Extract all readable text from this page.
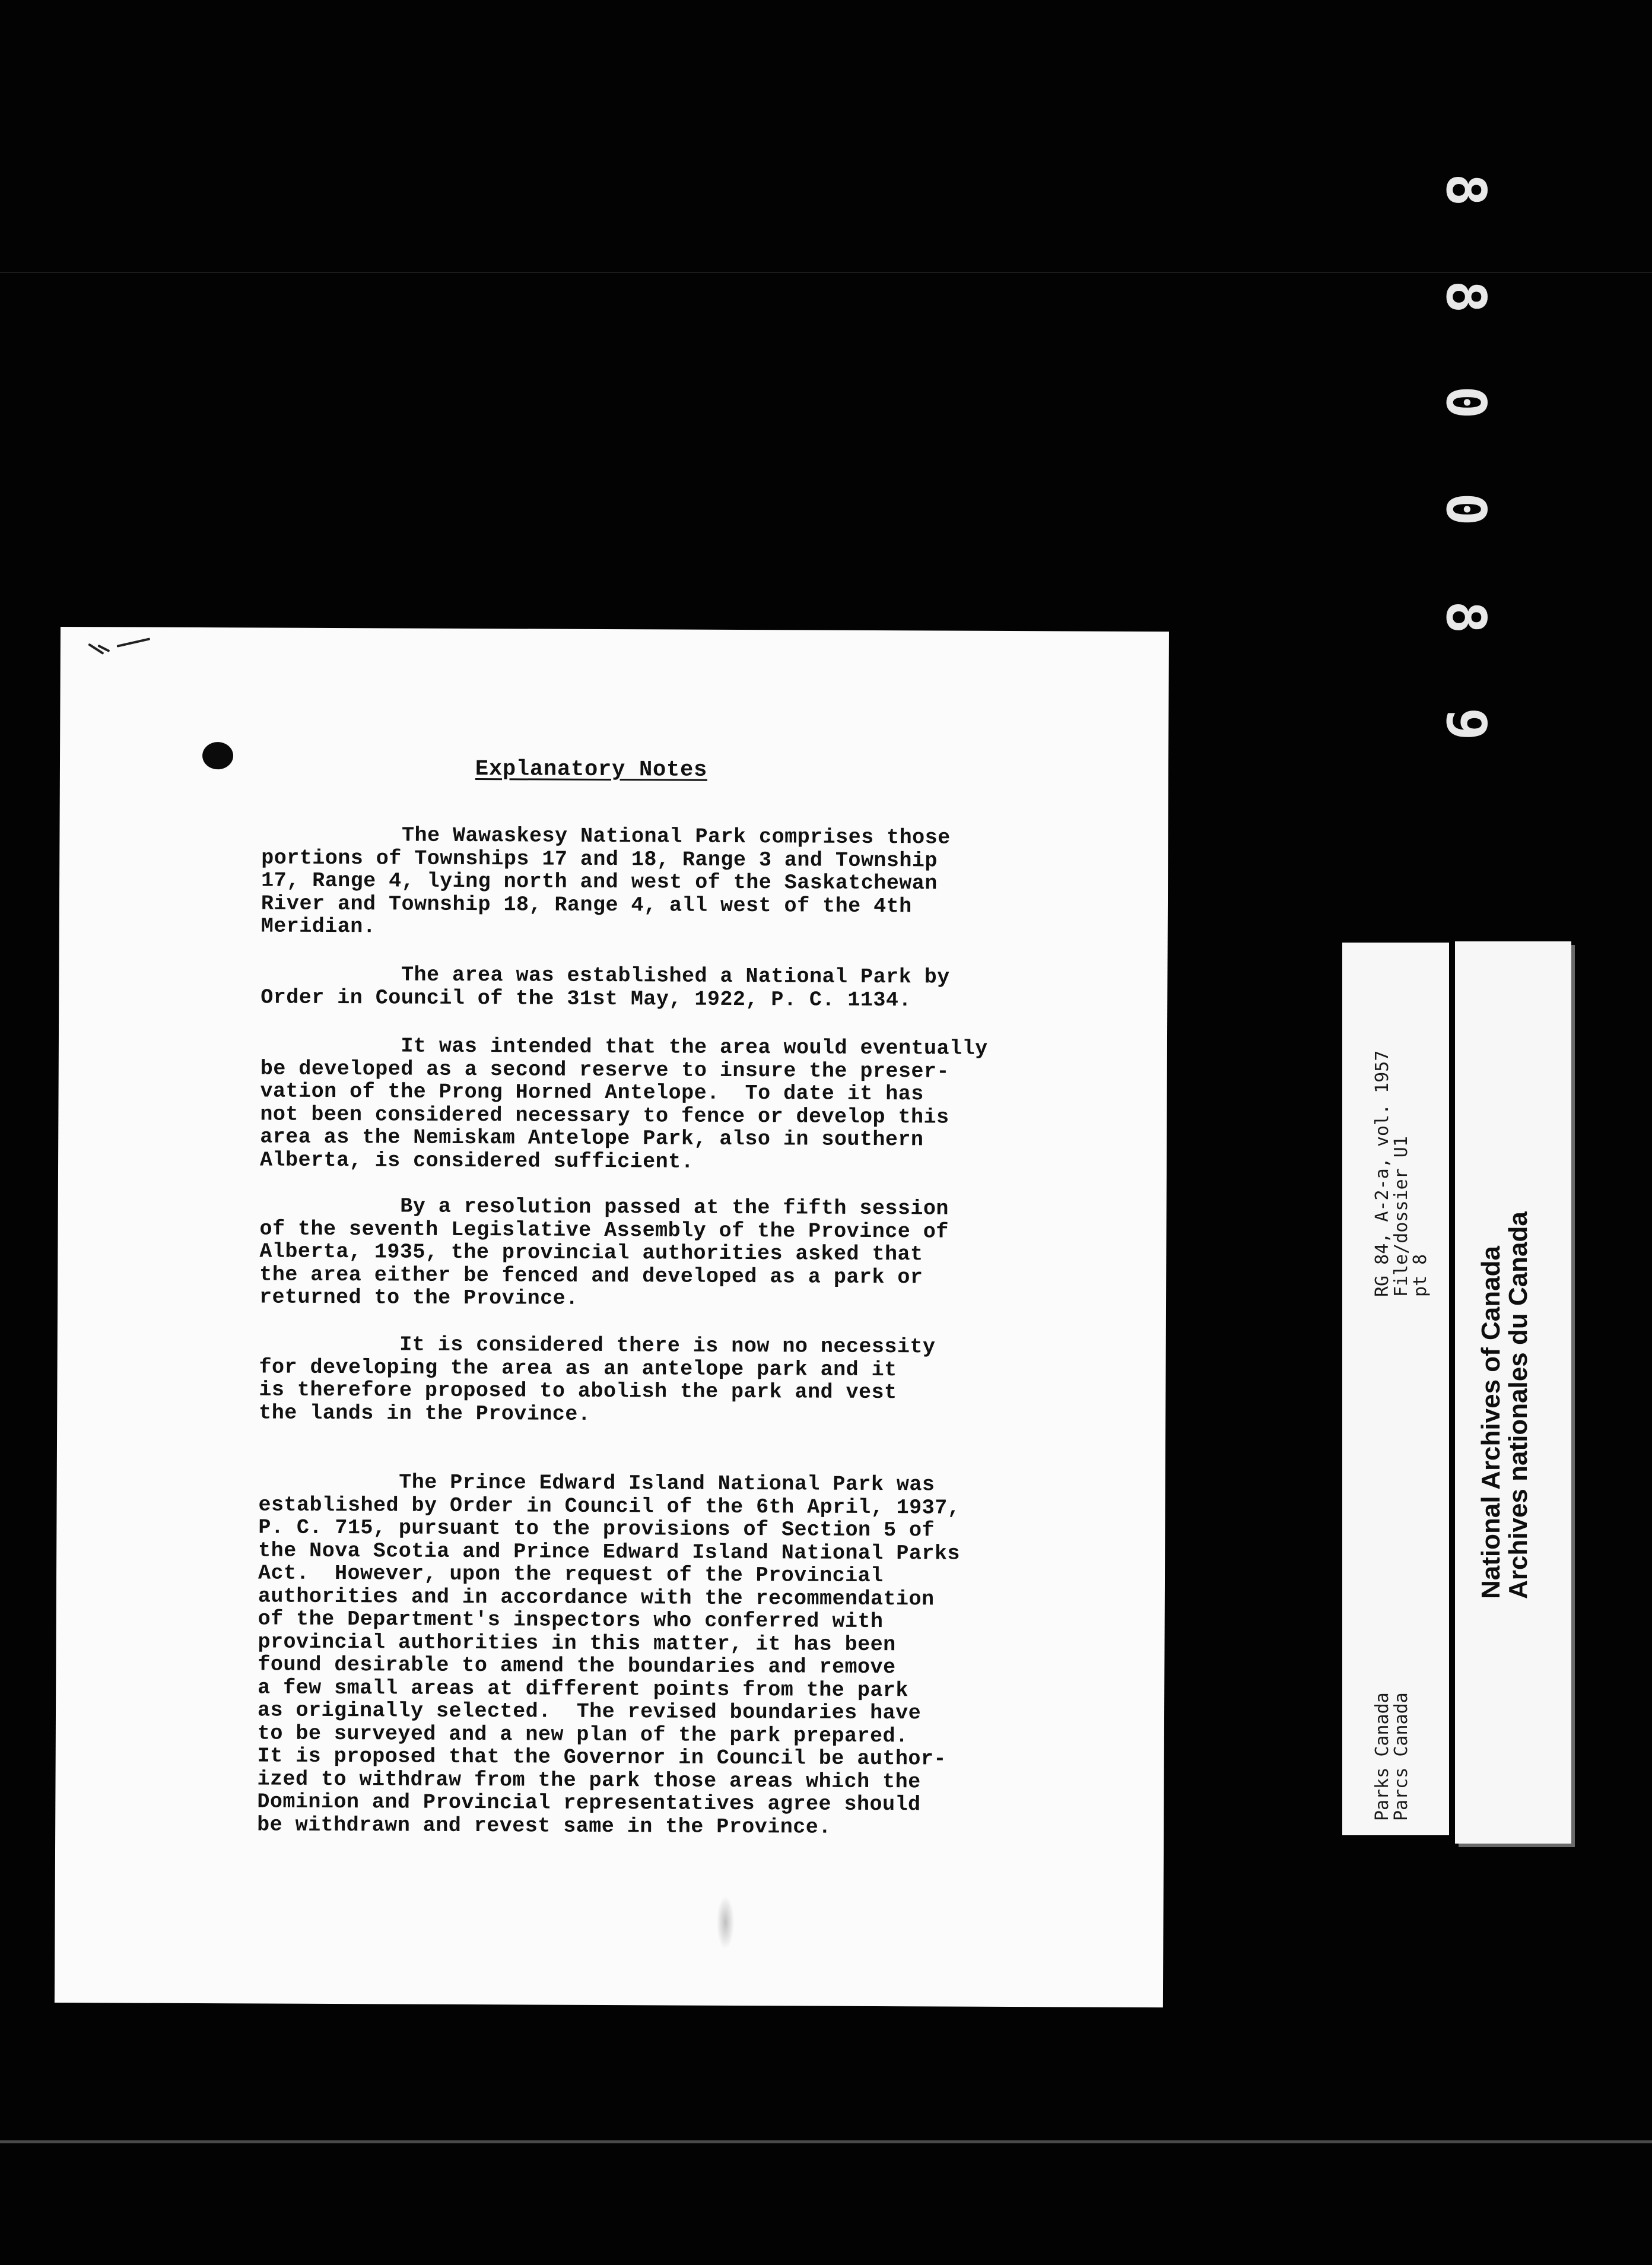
8
8
0
0
8
9
Explanatory Notes

The Wawaskesy National Park comprises those
portions of Townships 17 and 18, Range 3 and Township
17, Range 4, lying north and west of the Saskatchewan
River and Township 18, Range 4, all west of the 4th
Meridian.

The area was established a National Park by
Order in Council of the 31st May, 1922, P. C. 1134.

It was intended that the area would eventually
be developed as a second reserve to insure the preser-
vation of the Prong Horned Antelope.  To date it has
not been considered necessary to fence or develop this
area as the Nemiskam Antelope Park, also in southern
Alberta, is considered sufficient.

By a resolution passed at the fifth session
of the seventh Legislative Assembly of the Province of
Alberta, 1935, the provincial authorities asked that
the area either be fenced and developed as a park or
returned to the Province.

It is considered there is now no necessity
for developing the area as an antelope park and it
is therefore proposed to abolish the park and vest
the lands in the Province.

The Prince Edward Island National Park was
established by Order in Council of the 6th April, 1937,
P. C. 715, pursuant to the provisions of Section 5 of
the Nova Scotia and Prince Edward Island National Parks
Act.  However, upon the request of the Provincial
authorities and in accordance with the recommendation
of the Department's inspectors who conferred with
provincial authorities in this matter, it has been
found desirable to amend the boundaries and remove
a few small areas at different points from the park
as originally selected.  The revised boundaries have
to be surveyed and a new plan of the park prepared.
It is proposed that the Governor in Council be author-
ized to withdraw from the park those areas which the
Dominion and Provincial representatives agree should
be withdrawn and revest same in the Province.

RG 84, A-2-a, vol. 1957
File/dossier U1
pt 8
Parks Canada
Parcs Canada
National Archives of Canada
Archives nationales du Canada
